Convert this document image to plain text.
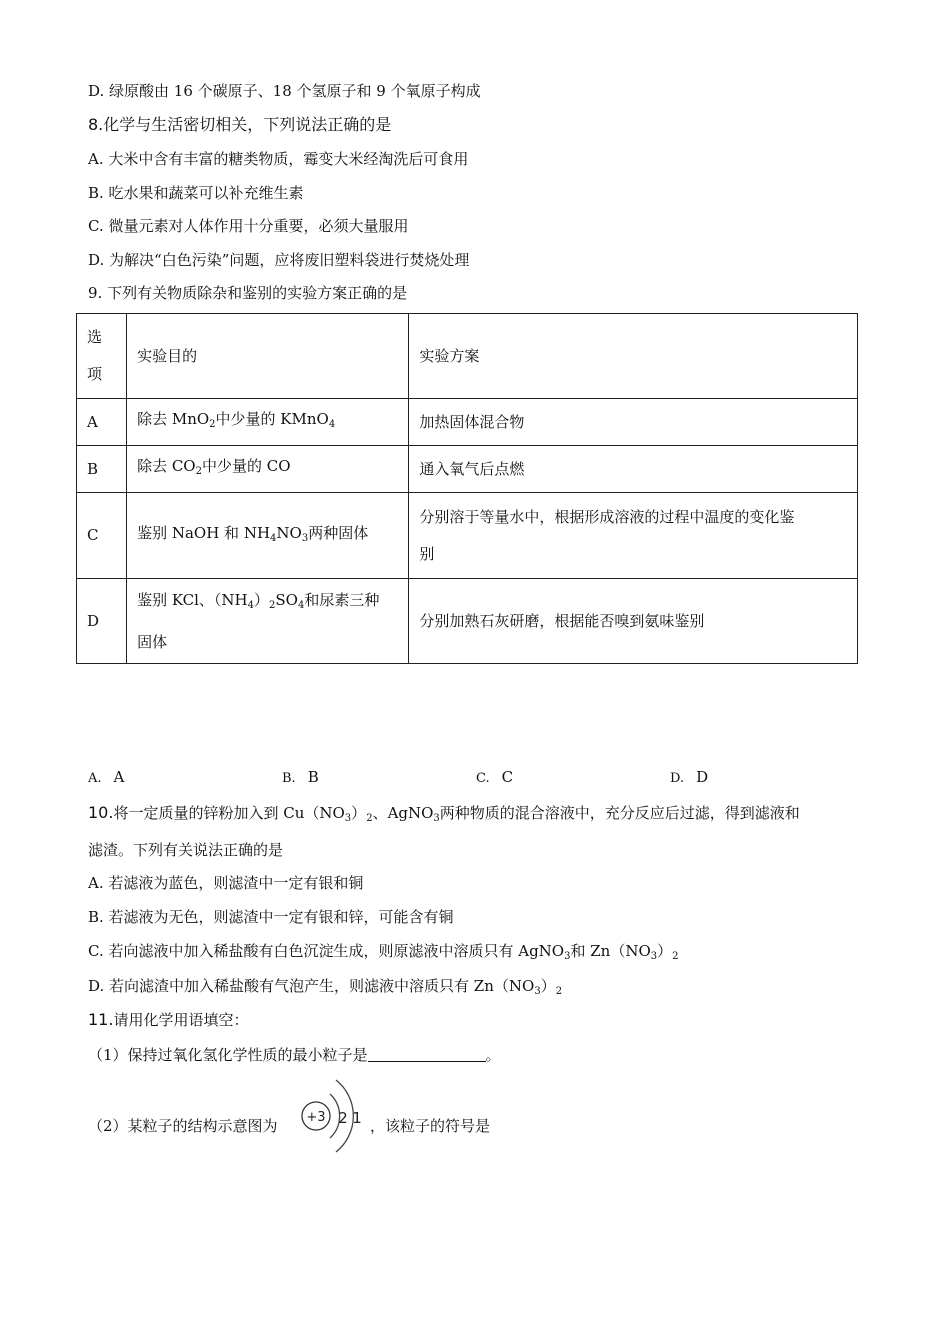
D. 绿原酸由 16 个碳原子、18 个氢原子和 9 个氧原子构成
8.化学与生活密切相关，下列说法正确的是
A. 大米中含有丰富的糖类物质，霉变大米经淘洗后可食用
B. 吃水果和蔬菜可以补充维生素
C. 微量元素对人体作用十分重要，必须大量服用
D. 为解决“白色污染”问题，应将废旧塑料袋进行焚烧处理
9. 下列有关物质除杂和鉴别的实验方案正确的是
选
项	实验目的	实验方案
A	除去 MnO$_2$中少量的 KMnO$_4$	加热固体混合物
B	除去 $CO_2$中少量的 CO	通入氧气后点燃
C	鉴别 NaOH 和 $NH_4NO_3$两种固体	分别溶于等量水中，根据形成溶液的过程中温度的变化鉴
别
D	鉴别 KCl、$(NH_4)_2SO_4$和尿素三种
固体	分别加熟石灰研磨，根据能否嗅到氨味鉴别
A. A	B. B	C. C	D. D
10.将一定质量的锌粉加入到 $Cu(NO_3)_2$、AgNO$_3$两种物质的混合溶液中，充分反应后过滤，得到滤液和
滤渣。下列有关说法正确的是
A. 若滤液为蓝色，则滤渣中一定有银和铜
B. 若滤液为无色，则滤渣中一定有银和锌，可能含有铜
C. 若向滤液中加入稀盐酸有白色沉淀生成，则原滤液中溶质只有 AgNO$_3$和 $Zn(NO_3)_2$
D. 若向滤渣中加入稀盐酸有气泡产生，则滤液中溶质只有 $Zn(NO_3)_2$
11.请用化学用语填空：
（1）保持过氧化氢化学性质的最小粒子是	。
（2）某粒子的结构示意图为 +3 2 1 ，该粒子的符号是
